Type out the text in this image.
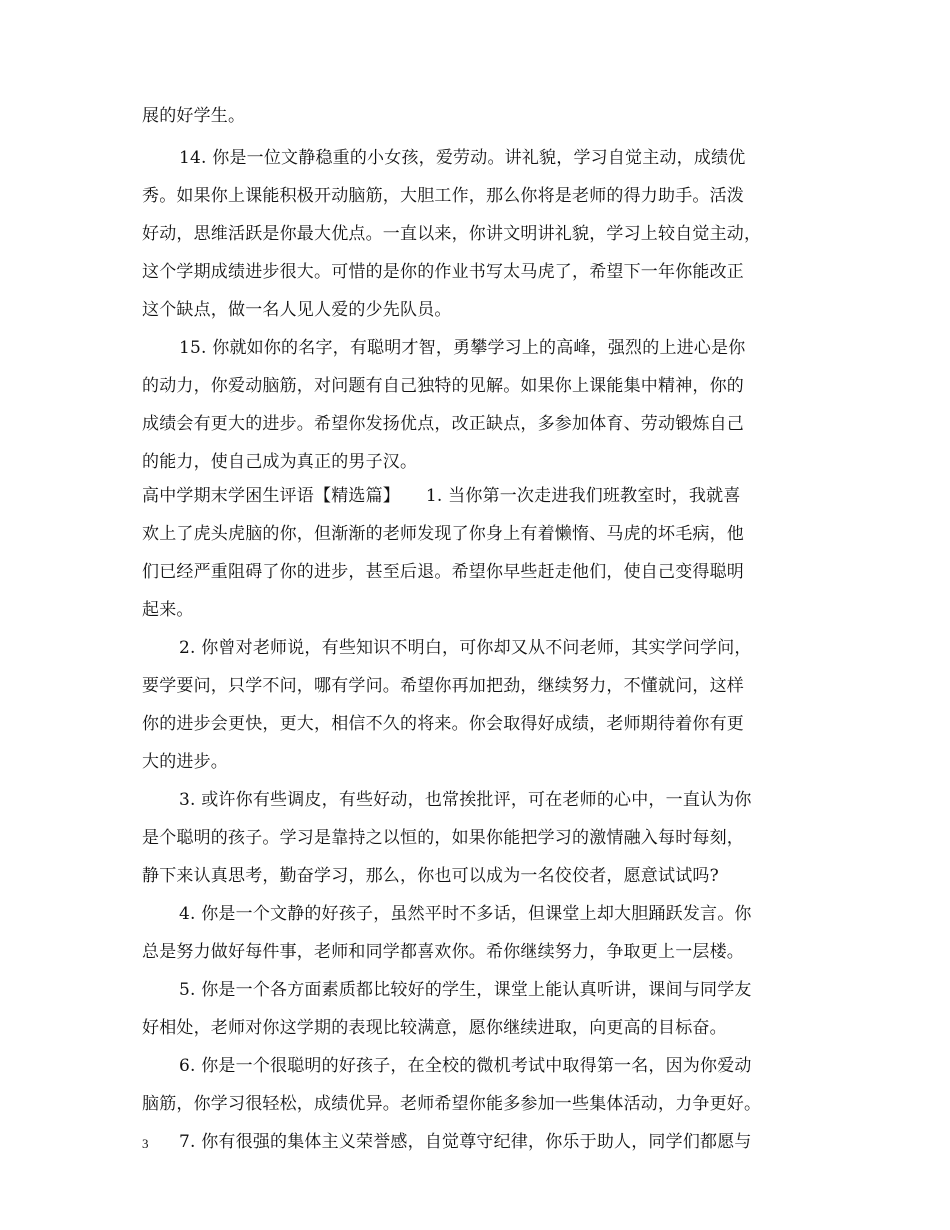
展的好学生。
14. 你是一位文静稳重的小女孩，爱劳动。讲礼貌，学习自觉主动，成绩优
秀。如果你上课能积极开动脑筋，大胆工作，那么你将是老师的得力助手。活泼
好动，思维活跃是你最大优点。一直以来，你讲文明讲礼貌，学习上较自觉主动，
这个学期成绩进步很大。可惜的是你的作业书写太马虎了，希望下一年你能改正
这个缺点，做一名人见人爱的少先队员。
15. 你就如你的名字，有聪明才智，勇攀学习上的高峰，强烈的上进心是你
的动力，你爱动脑筋，对问题有自己独特的见解。如果你上课能集中精神，你的
成绩会有更大的进步。希望你发扬优点，改正缺点，多参加体育、劳动锻炼自己
的能力，使自己成为真正的男子汉。
高中学期末学困生评语【精选篇】　　1. 当你第一次走进我们班教室时，我就喜
欢上了虎头虎脑的你，但渐渐的老师发现了你身上有着懒惰、马虎的坏毛病，他
们已经严重阻碍了你的进步，甚至后退。希望你早些赶走他们，使自己变得聪明
起来。
2. 你曾对老师说，有些知识不明白，可你却又从不问老师，其实学问学问，
要学要问，只学不问，哪有学问。希望你再加把劲，继续努力，不懂就问，这样
你的进步会更快，更大，相信不久的将来。你会取得好成绩，老师期待着你有更
大的进步。
3. 或许你有些调皮，有些好动，也常挨批评，可在老师的心中，一直认为你
是个聪明的孩子。学习是靠持之以恒的，如果你能把学习的激情融入每时每刻，
静下来认真思考，勤奋学习，那么，你也可以成为一名佼佼者，愿意试试吗?
4. 你是一个文静的好孩子，虽然平时不多话，但课堂上却大胆踊跃发言。你
总是努力做好每件事，老师和同学都喜欢你。希你继续努力，争取更上一层楼。
5. 你是一个各方面素质都比较好的学生，课堂上能认真听讲，课间与同学友
好相处，老师对你这学期的表现比较满意，愿你继续进取，向更高的目标奋。
6. 你是一个很聪明的好孩子，在全校的微机考试中取得第一名，因为你爱动
脑筋，你学习很轻松，成绩优异。老师希望你能多参加一些集体活动，力争更好。
7. 你有很强的集体主义荣誉感，自觉尊守纪律，你乐于助人，同学们都愿与
3
